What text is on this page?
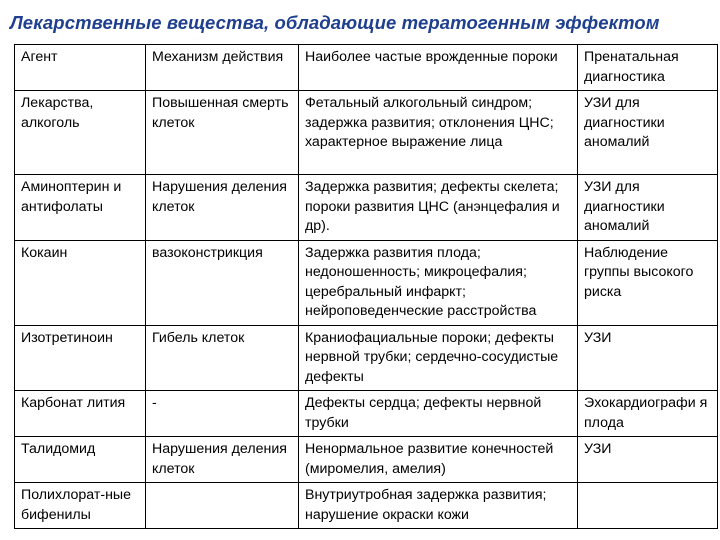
Лекарственные вещества, обладающие тератогенным эффектом
Агент	Механизм действия	Наиболее частые врожденные пороки	Пренатальная диагностика
Лекарства, алкоголь	Повышенная смерть клеток	Фетальный алкогольный синдром; задержка развития; отклонения ЦНС; характерное выражение лица	УЗИ для диагностики аномалий
Аминоптерин и антифолаты	Нарушения деления клеток	Задержка развития; дефекты скелета; пороки развития ЦНС (анэнцефалия и др).	УЗИ для диагностики аномалий
Кокаин	вазоконстрикция	Задержка развития плода; недоношенность; микроцефалия; церебральный инфаркт; нейроповеденческие расстройства	Наблюдение группы высокого риска
Изотретиноин	Гибель клеток	Краниофациальные пороки; дефекты нервной трубки; сердечно-сосудистые дефекты	УЗИ
Карбонат лития	-	Дефекты сердца; дефекты нервной трубки	Эхокардиографи я плода
Талидомид	Нарушения деления клеток	Ненормальное развитие конечностей (миромелия, амелия)	УЗИ
Полихлорат-ные бифенилы		Внутриутробная задержка развития; нарушение окраски кожи	
